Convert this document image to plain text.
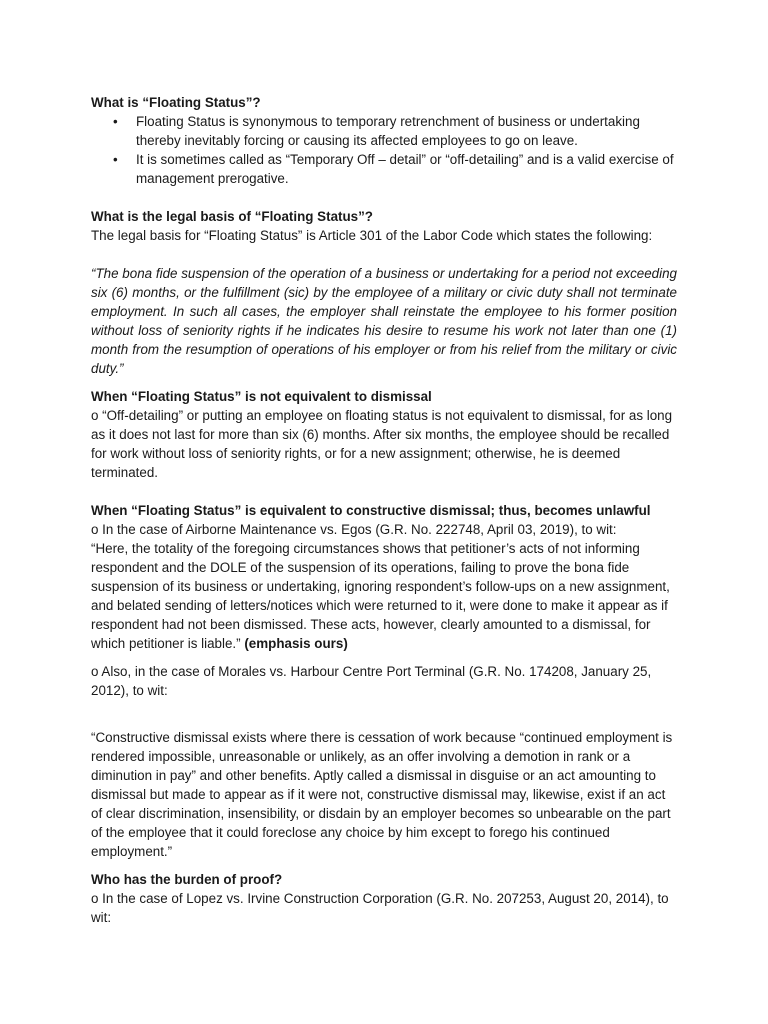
What is “Floating Status”?

• Floating Status is synonymous to temporary retrenchment of business or undertaking thereby inevitably forcing or causing its affected employees to go on leave.
• It is sometimes called as “Temporary Off – detail” or “off-detailing” and is a valid exercise of management prerogative.

What is the legal basis of “Floating Status”?

The legal basis for “Floating Status” is Article 301 of the Labor Code which states the following:

“The bona fide suspension of the operation of a business or undertaking for a period not exceeding six (6) months, or the fulfillment (sic) by the employee of a military or civic duty shall not terminate employment. In such all cases, the employer shall reinstate the employee to his former position without loss of seniority rights if he indicates his desire to resume his work not later than one (1) month from the resumption of operations of his employer or from his relief from the military or civic duty.”

When “Floating Status” is not equivalent to dismissal

o “Off-detailing” or putting an employee on floating status is not equivalent to dismissal, for as long as it does not last for more than six (6) months. After six months, the employee should be recalled for work without loss of seniority rights, or for a new assignment; otherwise, he is deemed terminated.

When “Floating Status” is equivalent to constructive dismissal; thus, becomes unlawful

o In the case of Airborne Maintenance vs. Egos (G.R. No. 222748, April 03, 2019), to wit:

“Here, the totality of the foregoing circumstances shows that petitioner’s acts of not informing respondent and the DOLE of the suspension of its operations, failing to prove the bona fide suspension of its business or undertaking, ignoring respondent’s follow-ups on a new assignment, and belated sending of letters/notices which were returned to it, were done to make it appear as if respondent had not been dismissed. These acts, however, clearly amounted to a dismissal, for which petitioner is liable.” (emphasis ours)

o Also, in the case of Morales vs. Harbour Centre Port Terminal (G.R. No. 174208, January 25, 2012), to wit:

“Constructive dismissal exists where there is cessation of work because “continued employment is rendered impossible, unreasonable or unlikely, as an offer involving a demotion in rank or a diminution in pay” and other benefits. Aptly called a dismissal in disguise or an act amounting to dismissal but made to appear as if it were not, constructive dismissal may, likewise, exist if an act of clear discrimination, insensibility, or disdain by an employer becomes so unbearable on the part of the employee that it could foreclose any choice by him except to forego his continued employment.”

Who has the burden of proof?

o In the case of Lopez vs. Irvine Construction Corporation (G.R. No. 207253, August 20, 2014), to wit:
